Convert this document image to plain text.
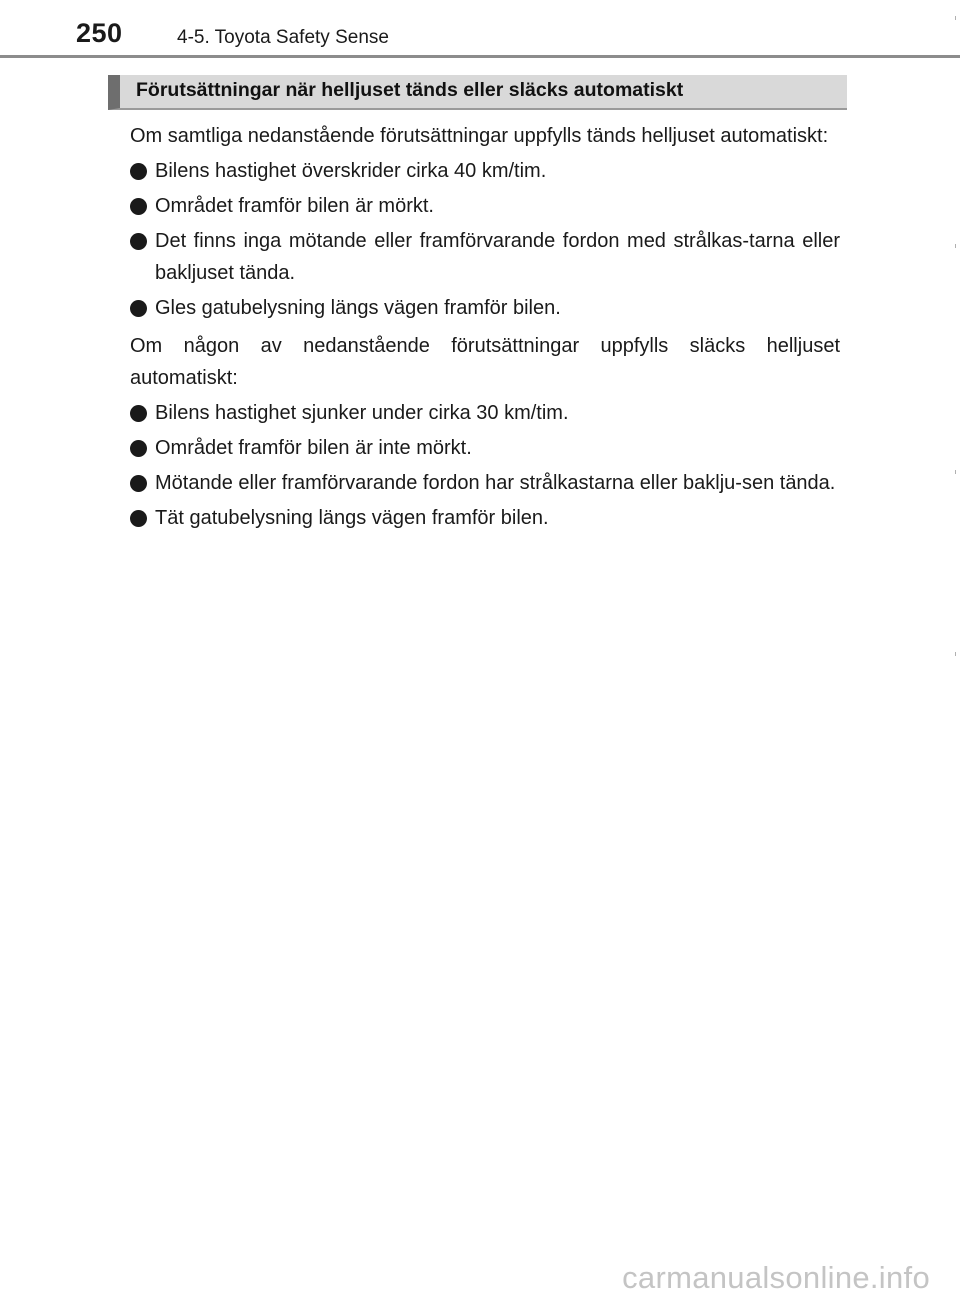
250	4-5. Toyota Safety Sense
Förutsättningar när helljuset tänds eller släcks automatiskt

Om samtliga nedanstående förutsättningar uppfylls tänds helljuset automatiskt:

Bilens hastighet överskrider cirka 40 km/tim.
Området framför bilen är mörkt.
Det finns inga mötande eller framförvarande fordon med strålkas-tarna eller bakljuset tända.
Gles gatubelysning längs vägen framför bilen.

Om någon av nedanstående förutsättningar uppfylls släcks helljuset automatiskt:

Bilens hastighet sjunker under cirka 30 km/tim.
Området framför bilen är inte mörkt.
Mötande eller framförvarande fordon har strålkastarna eller baklju-sen tända.
Tät gatubelysning längs vägen framför bilen.
carmanualsonline.info
